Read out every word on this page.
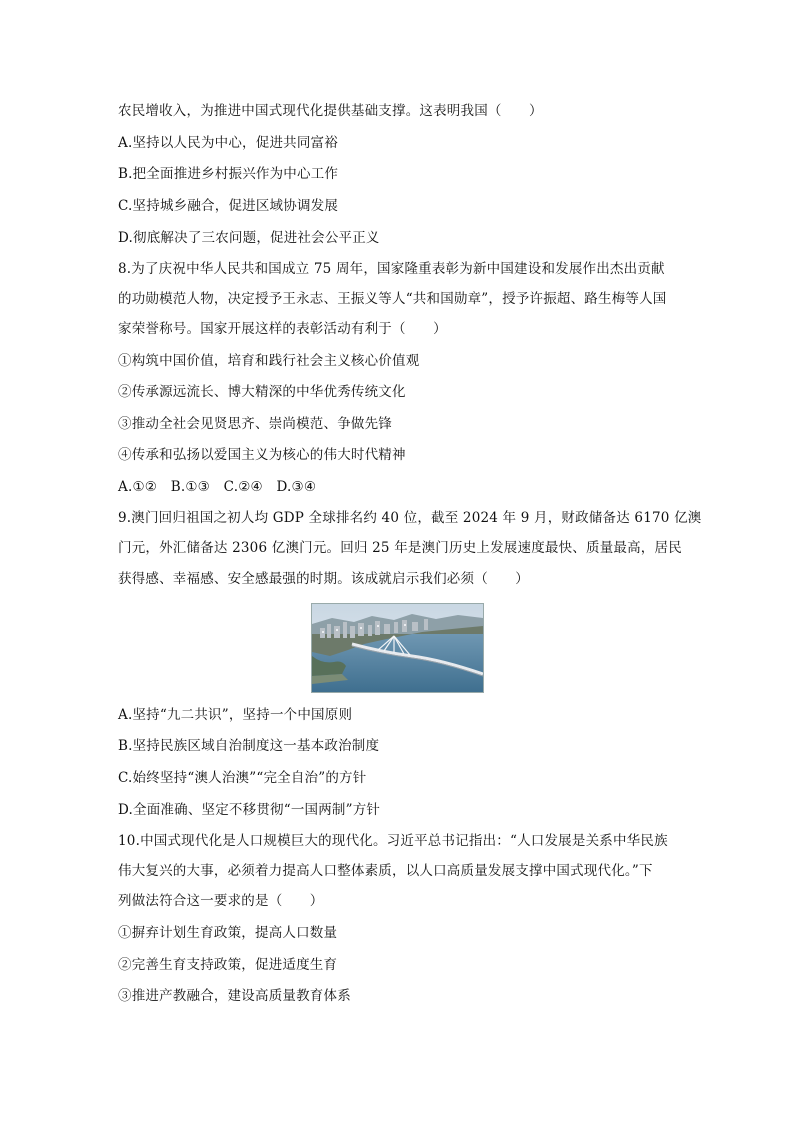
农民增收入，为推进中国式现代化提供基础支撑。这表明我国（　　）
A.坚持以人民为中心，促进共同富裕
B.把全面推进乡村振兴作为中心工作
C.坚持城乡融合，促进区域协调发展
D.彻底解决了三农问题，促进社会公平正义
8.为了庆祝中华人民共和国成立 75 周年，国家隆重表彰为新中国建设和发展作出杰出贡献
的功勋模范人物，决定授予王永志、王振义等人“共和国勋章”，授予许振超、路生梅等人国
家荣誉称号。国家开展这样的表彰活动有利于（　　）
①构筑中国价值，培育和践行社会主义核心价值观
②传承源远流长、博大精深的中华优秀传统文化
③推动全社会见贤思齐、崇尚模范、争做先锋
④传承和弘扬以爱国主义为核心的伟大时代精神
A.①②　B.①③　C.②④　D.③④
9.澳门回归祖国之初人均 GDP 全球排名约 40 位，截至 2024 年 9 月，财政储备达 6170 亿澳
门元，外汇储备达 2306 亿澳门元。回归 25 年是澳门历史上发展速度最快、质量最高，居民
获得感、幸福感、安全感最强的时期。该成就启示我们必须（　　）
A.坚持“九二共识”，坚持一个中国原则
B.坚持民族区域自治制度这一基本政治制度
C.始终坚持“澳人治澳”“完全自治”的方针
D.全面准确、坚定不移贯彻“一国两制”方针
10.中国式现代化是人口规模巨大的现代化。习近平总书记指出：“人口发展是关系中华民族
伟大复兴的大事，必须着力提高人口整体素质，以人口高质量发展支撑中国式现代化。”下
列做法符合这一要求的是（　　）
①摒弃计划生育政策，提高人口数量
②完善生育支持政策，促进适度生育
③推进产教融合，建设高质量教育体系
